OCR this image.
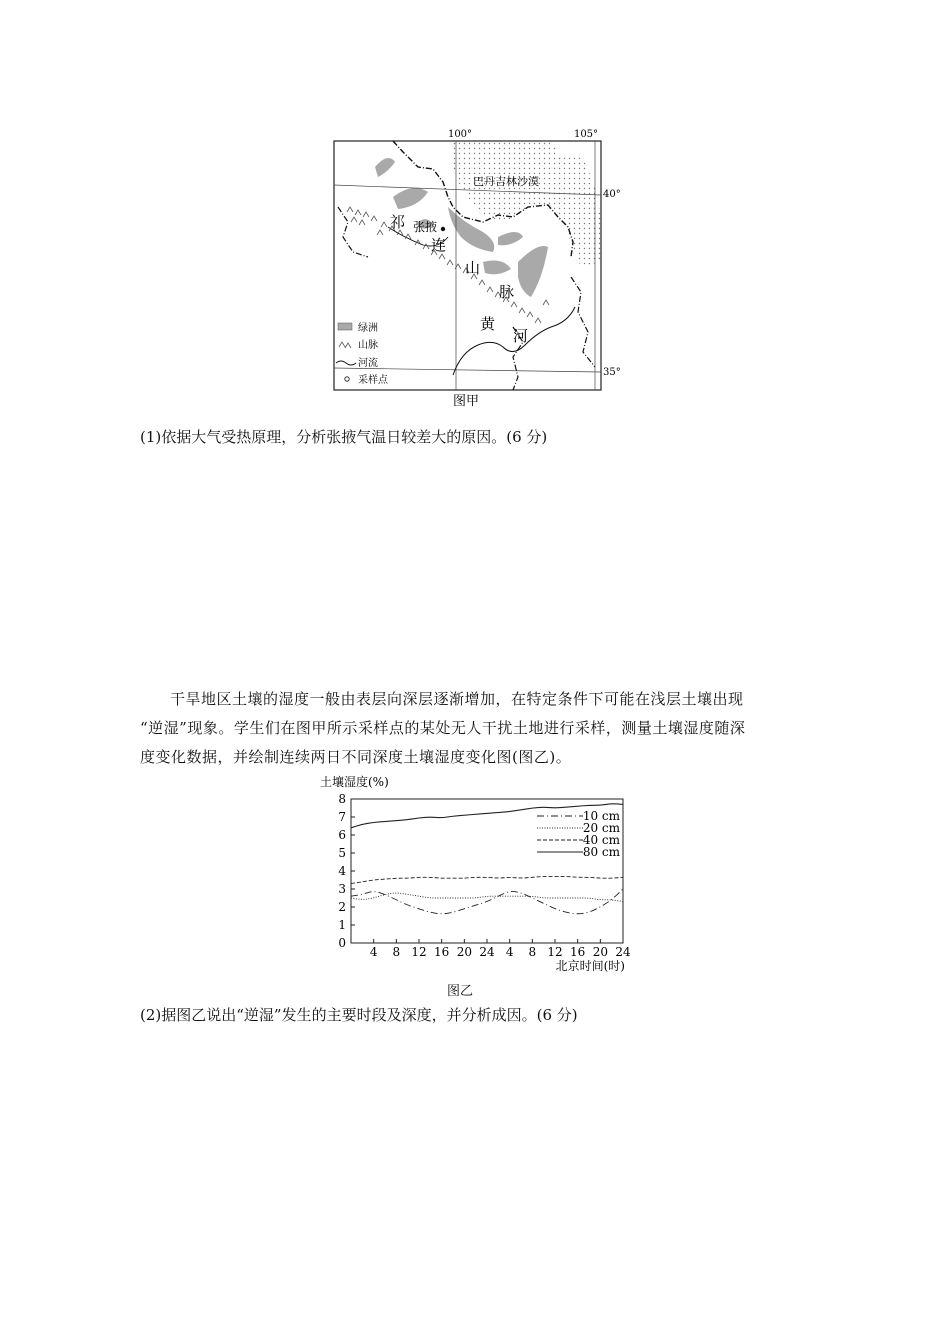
100°	105°
张掖
巴丹吉林沙漠
40°
35°
祁
连
山
脉
黄
河
绿洲
山脉
河流
采样点
图甲
(1)依据大气受热原理，分析张掖气温日较差大的原因。(6 分)

干旱地区土壤的湿度一般由表层向深层逐渐增加，在特定条件下可能在浅层土壤出现

“逆湿”现象。学生们在图甲所示采样点的某处无人干扰土地进行采样，测量土壤湿度随深

度变化数据，并绘制连续两日不同深度土壤湿度变化图(图乙)。

土壤湿度(%)
北京时间(时)
0
1
2
3
4
5
6
7
8
4 8 12 16 20 24 4 8 12 16 20 24
10 cm
20 cm
40 cm
80 cm
图乙
(2)据图乙说出“逆湿”发生的主要时段及深度，并分析成因。(6 分)
